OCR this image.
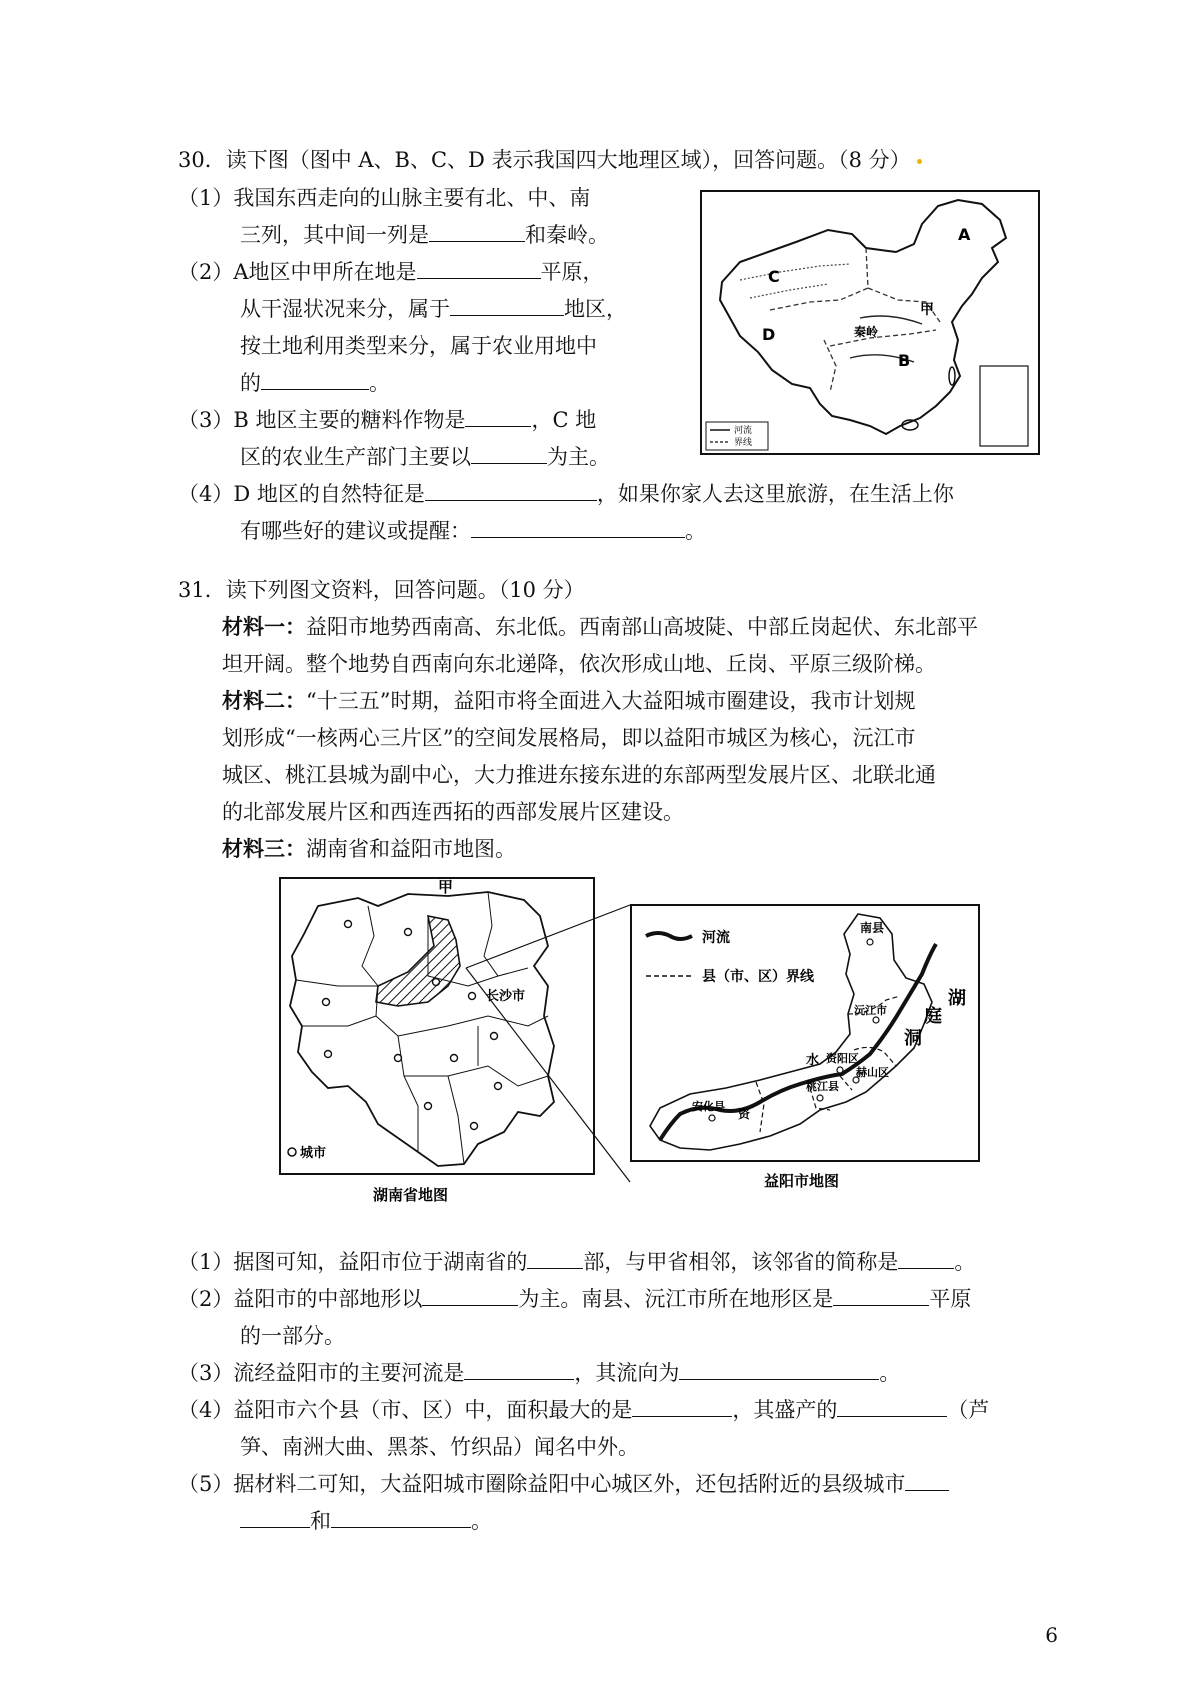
30．读下图（图中 A、B、C、D 表示我国四大地理区域），回答问题。（8 分）
（1）我国东西走向的山脉主要有北、中、南
三列，其中间一列是	和秦岭。
（2）A地区中甲所在地是	平原，
从干湿状况来分，属于	地区，
按土地利用类型来分，属于农业用地中
的	。
（3）B 地区主要的糖料作物是	，C 地
区的农业生产部门主要以	为主。
（4）D 地区的自然特征是	，如果你家人去这里旅游，在生活上你
有哪些好的建议或提醒：	。
河流
界线
A
甲
B
C
D	秦岭
31．读下列图文资料，回答问题。（10 分）
材料一：益阳市地势西南高、东北低。西南部山高坡陡、中部丘岗起伏、东北部平
坦开阔。整个地势自西南向东北递降，依次形成山地、丘岗、平原三级阶梯。
材料二：“十三五”时期，益阳市将全面进入大益阳城市圈建设，我市计划规
划形成“一核两心三片区”的空间发展格局，即以益阳市城区为核心，沅江市
城区、桃江县城为副中心，大力推进东接东进的东部两型发展片区、北联北通
的北部发展片区和西连西拓的西部发展片区建设。
材料三：湖南省和益阳市地图。
甲
长沙市
城市
湖南省地图
河流
县（市、区）界线
南县
沅江市
资阳区
赫山区
桃江县
安化县
资
水
湖
庭
洞
益阳市地图
（1）据图可知，益阳市位于湖南省的	部，与甲省相邻，该邻省的简称是	。
（2）益阳市的中部地形以	为主。南县、沅江市所在地形区是	平原
的一部分。
（3）流经益阳市的主要河流是	，其流向为	。
（4）益阳市六个县（市、区）中，面积最大的是	，其盛产的	（芦
笋、南洲大曲、黑茶、竹织品）闻名中外。
（5）据材料二可知，大益阳城市圈除益阳中心城区外，还包括附近的县级城市
和	。
6
